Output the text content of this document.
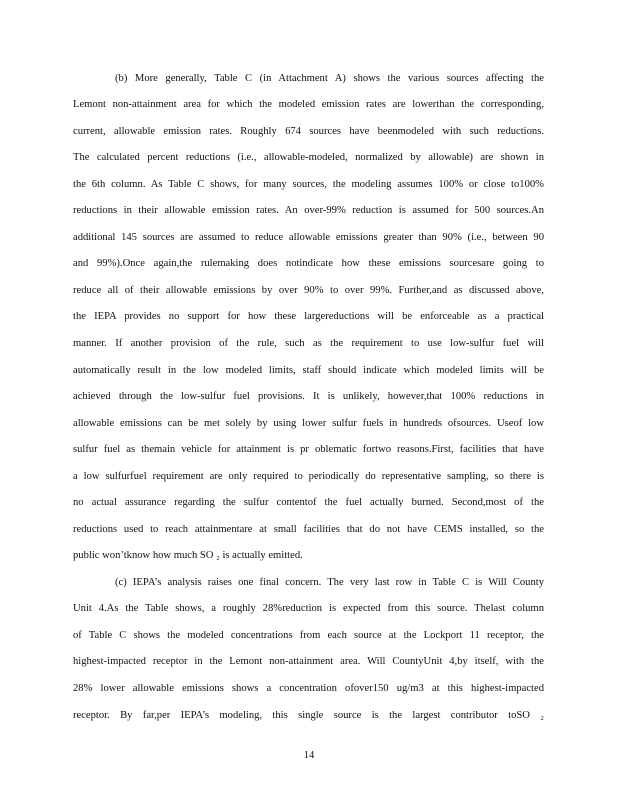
(b) More generally, Table C (in Attachment A) shows the various sources affecting the
Lemont non-attainment area for which the modeled emission rates are lowerthan the corresponding,
current, allowable emission rates. Roughly 674 sources have beenmodeled with such reductions.
The calculated percent reductions (i.e., allowable-modeled, normalized by allowable) are shown in
the 6th column. As Table C shows, for many sources, the modeling assumes 100% or close to100%
reductions in their allowable emission rates. An over-99% reduction is assumed for 500 sources.An
additional 145 sources are assumed to reduce allowable emissions greater than 90% (i.e., between 90
and 99%).Once again,the rulemaking does notindicate how these emissions sourcesare going to
reduce all of their allowable emissions by over 90% to over 99%. Further,and as discussed above,
the IEPA provides no support for how these largereductions will be enforceable as a practical
manner. If another provision of the rule, such as the requirement to use low-sulfur fuel will
automatically result in the low modeled limits, staff should indicate which modeled limits will be
achieved through the low-sulfur fuel provisions. It is unlikely, however,that 100% reductions in
allowable emissions can be met solely by using lower sulfur fuels in hundreds ofsources. Useof low
sulfur fuel as themain vehicle for attainment is pr oblematic fortwo reasons.First, facilities that have
a low sulfurfuel requirement are only required to periodically do representative sampling, so there is
no actual assurance regarding the sulfur contentof the fuel actually burned. Second,most of the
reductions used to reach attainmentare at small facilities that do not have CEMS installed, so the
public won’tknow how much SO ₂ is actually emitted.
(c) IEPA’s analysis raises one final concern. The very last row in Table C is Will County
Unit 4.As the Table shows, a roughly 28%reduction is expected from this source. Thelast column
of Table C shows the modeled concentrations from each source at the Lockport 11 receptor, the
highest-impacted receptor in the Lemont non-attainment area. Will CountyUnit 4,by itself, with the
28% lower allowable emissions shows a concentration ofover150 ug/m3 at this highest-impacted
receptor. By far,per IEPA’s modeling, this single source is the largest contributor toSO ₂
14
